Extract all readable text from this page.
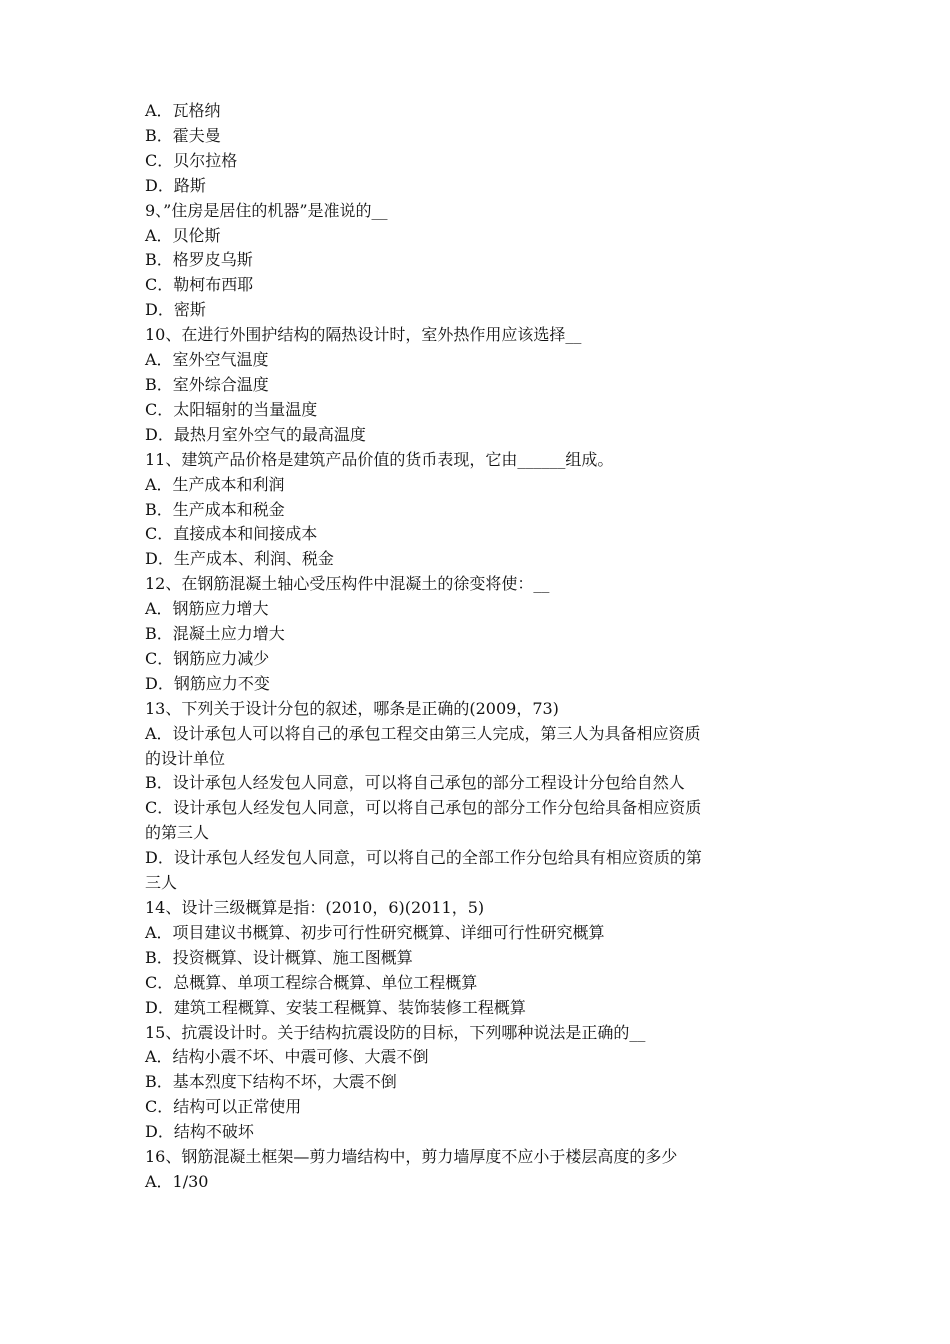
A．瓦格纳
B．霍夫曼
C．贝尔拉格
D．路斯
9、”住房是居住的机器”是准说的__
A．贝伦斯
B．格罗皮乌斯
C．勒柯布西耶
D．密斯
10、在进行外围护结构的隔热设计时，室外热作用应该选择__
A．室外空气温度
B．室外综合温度
C．太阳辐射的当量温度
D．最热月室外空气的最高温度
11、建筑产品价格是建筑产品价值的货币表现，它由______组成。
A．生产成本和利润
B．生产成本和税金
C．直接成本和间接成本
D．生产成本、利润、税金
12、在钢筋混凝土轴心受压构件中混凝土的徐变将使：__
A．钢筋应力增大
B．混凝土应力增大
C．钢筋应力减少
D．钢筋应力不变
13、下列关于设计分包的叙述，哪条是正确的(2009，73)
A．设计承包人可以将自己的承包工程交由第三人完成，第三人为具备相应资质
的设计单位
B．设计承包人经发包人同意，可以将自己承包的部分工程设计分包给自然人
C．设计承包人经发包人同意，可以将自己承包的部分工作分包给具备相应资质
的第三人
D．设计承包人经发包人同意，可以将自己的全部工作分包给具有相应资质的第
三人
14、设计三级概算是指：(2010，6)(2011，5)
A．项目建议书概算、初步可行性研究概算、详细可行性研究概算
B．投资概算、设计概算、施工图概算
C．总概算、单项工程综合概算、单位工程概算
D．建筑工程概算、安装工程概算、装饰装修工程概算
15、抗震设计时。关于结构抗震设防的目标，下列哪种说法是正确的__
A．结构小震不坏、中震可修、大震不倒
B．基本烈度下结构不坏，大震不倒
C．结构可以正常使用
D．结构不破坏
16、钢筋混凝土框架—剪力墙结构中，剪力墙厚度不应小于楼层高度的多少
A．1/30
